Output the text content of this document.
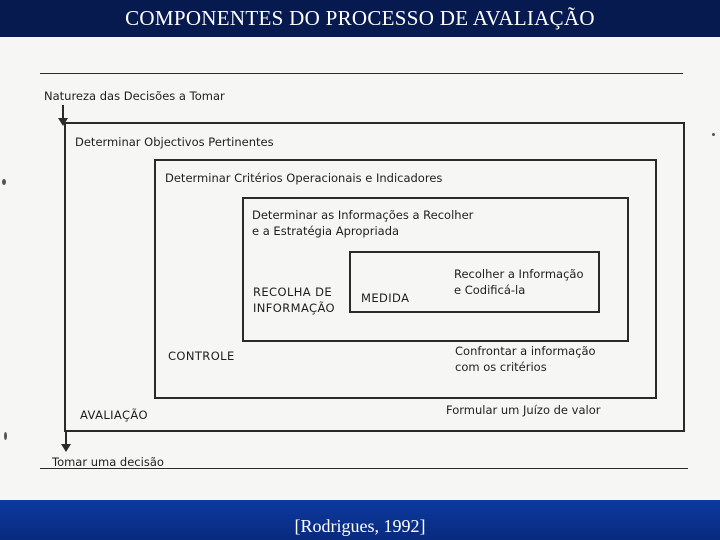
COMPONENTES DO PROCESSO DE AVALIAÇÃO
Natureza das Decisões a Tomar
Determinar Objectivos Pertinentes
AVALIAÇÃO	Formular um Juízo de valor
Determinar Critérios Operacionais e Indicadores
CONTROLE	Confrontar a informação
com os critérios
Determinar as Informações a Recolher
e a Estratégia Apropriada
RECOLHA DE
INFORMAÇÃO
MEDIDA
Recolher a Informação
e Codificá-la
Tomar uma decisão
[Rodrigues, 1992]
